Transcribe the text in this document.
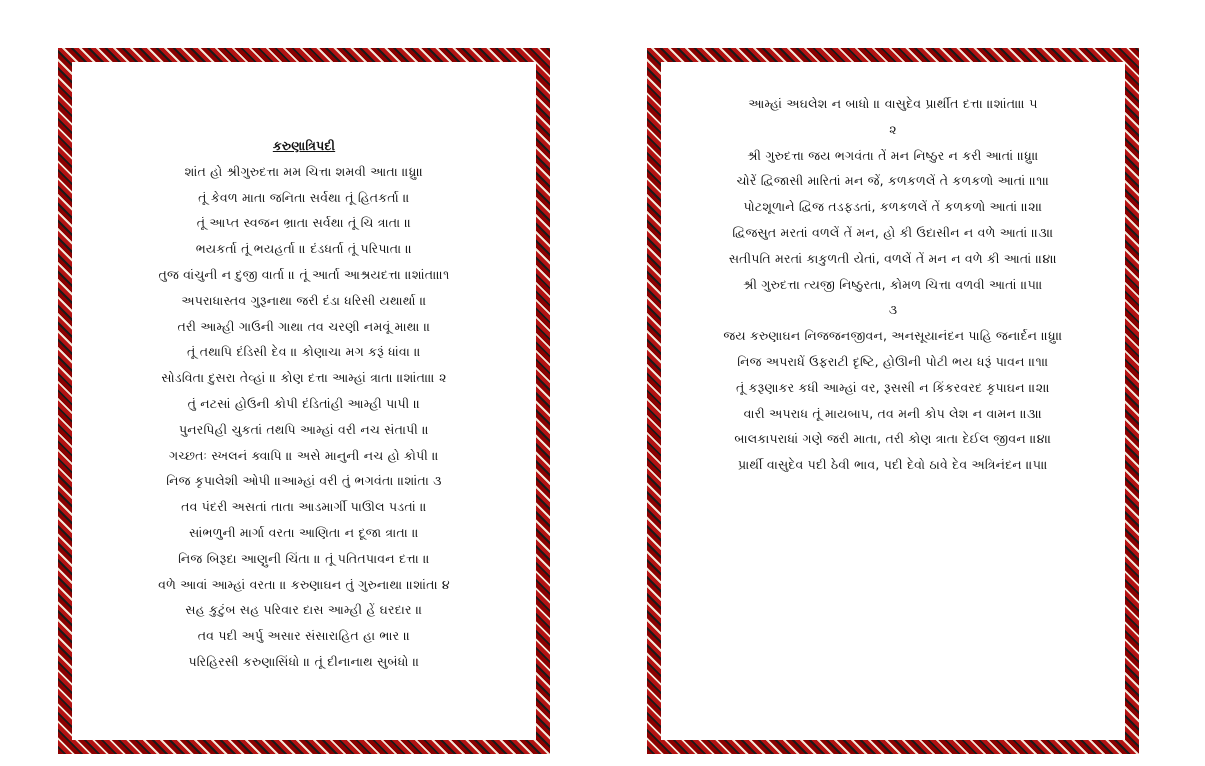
કરુણાત્રિપદી
શાંત હો શ્રીગુરુદત્તા મમ ચિત્તા શમવી આતા ॥ધ્રુ॥
તૂં કેવળ માતા જનિતા સર્વથા તૂં હિતકર્તા ॥
તૂં આપ્ત સ્વજન ભ્રાતા સર્વથા તૂં ચિ ત્રાતા ॥
ભયકર્તા તૂં ભયહર્તા ॥ દંડધર્તા તૂં પરિપાતા ॥
તુજ વાંચુની ન દુજી વાર્તા ॥ તૂં આર્તા આશ્રયદત્તા ॥શાંતા॥૧
અપરાધાસ્તવ ગુરૂનાથા જરી દંડા ધરિસી યથાર્થા ॥
તરી આમ્હી ગાઉની ગાથા તવ ચરણી નમવૂં માથા ॥
તૂં તથાપિ દંડિસી દેવ ॥ કોણાચા મગ કરૂં ધાંવા ॥
સોડવિતા દુસરા તેવ્હાં ॥ કોણ દત્તા આમ્હાં ત્રાતા ॥શાંતા॥ ૨
તું નટસાં હોઉની કોપી દંડિતાંહી આમ્હી પાપી ॥
પુનરપિહી ચુકતાં તથપિ આમ્હાં વરી નચ સંતાપી ॥
ગચ્છતઃ સ્ખલનં ક્વાપિ ॥ અસે માનુની નચ હો કોપી ॥
નિજ કૃપાલેશી ઓપી ॥આમ્હાં વરી તું ભગવંતા ॥શાંતા ૩
તવ પંદરી અસતાં તાતા આડમાર્ગી પાઊલ પડતાં ॥
સાંભળુની માર્ગા વરતા આણિતા ન દૂજા ત્રાતા ॥
નિજ બિરૂદા આણુની ચિંતા ॥ તૂં પતિતપાવન દત્તા ॥
વળે આવાં આમ્હાં વરતા ॥ કરુણાઘન તું ગુરુનાથા ॥શાંતા ૪
સહ કુટુંબ સહ પરિવાર દાસ આમ્હી હેં ઘરદાર ॥
તવ પદી અર્પુ અસાર સંસારાહિત હા ભાર ॥
પરિહિરસી કરુણાસિંધો ॥ તૂં દીનાનાથ સુબંધો ॥
આમ્હાં અઘલેશ ન બાધો ॥ વાસુદેવ પ્રાર્થીત દત્તા ॥શાંતા॥ ૫
૨
શ્રી ગુરુદત્તા જય ભગવંતા તેં મન નિષ્ઠુર ન કરી આતાં ॥ધ્રુ॥
ચોરેં દ્વિજાસી મારિતાં મન જેં, કળકળલેં તે કળકળો આતાં ॥૧॥
પોટશૂળાને દ્વિજ તડફડતાં, કળકળલેં તેં કળકળો આતાં ॥૨॥
દ્વિજસુત મરતાં વળલેં તેં મન, હો કી ઉદાસીન ન વળે આતાં ॥૩॥
સતીપતિ મરતાં કાકુળતી યેતાં, વળલેં તેં મન ન વળે કી આતાં ॥૪॥
શ્રી ગુરુદત્તા ત્યજી નિષ્ઠુરતા, કોમળ ચિત્તા વળવી આતાં ॥૫॥
૩
જય કરુણાઘન નિજજનજીવન, અનસૂયાનંદન પાહિ જનાર્દન ॥ધ્રુ॥
નિજ અપરાધેં ઉફરાટી દૃષ્ટિ, હોઊની પોટી ભય ધરૂં પાવન ॥૧॥
તૂં કરૂણાકર કધી આમ્હાં વર, રૂસસી ન કિંકરવરદ કૃપાઘન ॥૨॥
વારી અપરાધ તૂં માયબાપ, તવ મની કોપ લેશ ન વામન ॥૩॥
બાલકાપરાધાં ગણે જરી માતા, તરી કોણ ત્રાતા દેઈલ જીવન ॥૪॥
પ્રાર્થી વાસુદેવ પદી ઠેવી ભાવ, પદી દેવો ઠાવે દેવ અત્રિનંદન ॥૫॥
